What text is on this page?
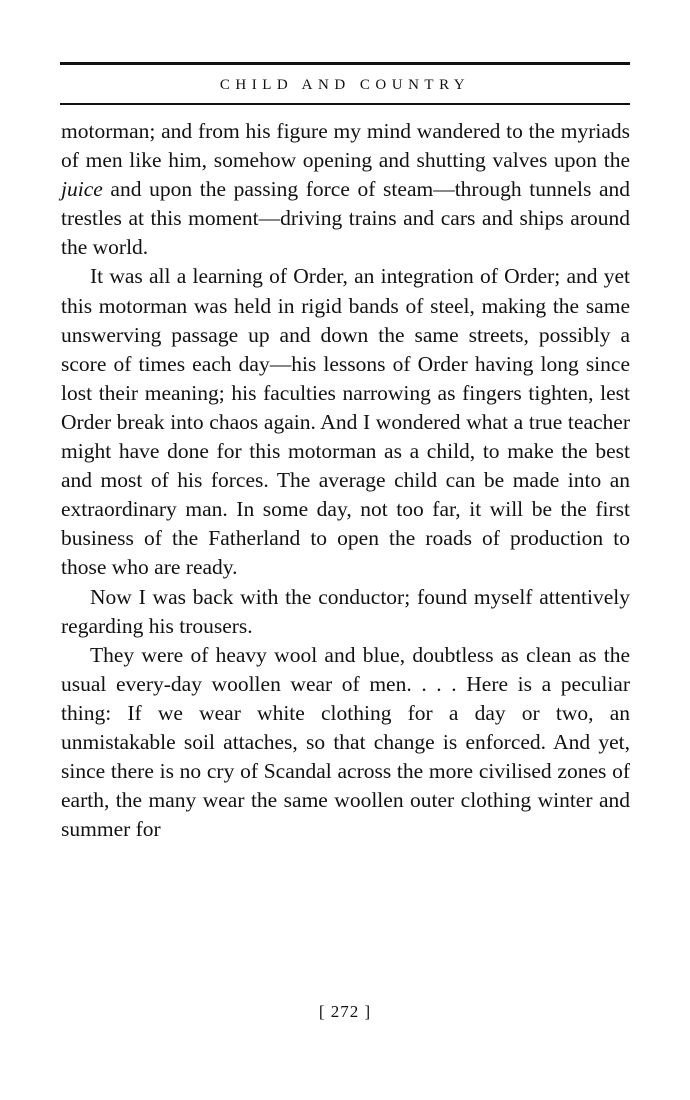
CHILD AND COUNTRY

motorman; and from his figure my mind wandered to the myriads of men like him, somehow opening and shutting valves upon the juice and upon the passing force of steam—through tunnels and trestles at this moment—driving trains and cars and ships around the world.

It was all a learning of Order, an integration of Order; and yet this motorman was held in rigid bands of steel, making the same unswerving passage up and down the same streets, possibly a score of times each day—his lessons of Order having long since lost their meaning; his faculties narrowing as fingers tighten, lest Order break into chaos again. And I wondered what a true teacher might have done for this motorman as a child, to make the best and most of his forces. The average child can be made into an extraordinary man. In some day, not too far, it will be the first business of the Fatherland to open the roads of production to those who are ready.

Now I was back with the conductor; found myself attentively regarding his trousers.

They were of heavy wool and blue, doubtless as clean as the usual every-day woollen wear of men. . . . Here is a peculiar thing: If we wear white clothing for a day or two, an unmistakable soil attaches, so that change is enforced. And yet, since there is no cry of Scandal across the more civilised zones of earth, the many wear the same woollen outer clothing winter and summer for

[ 272 ]
